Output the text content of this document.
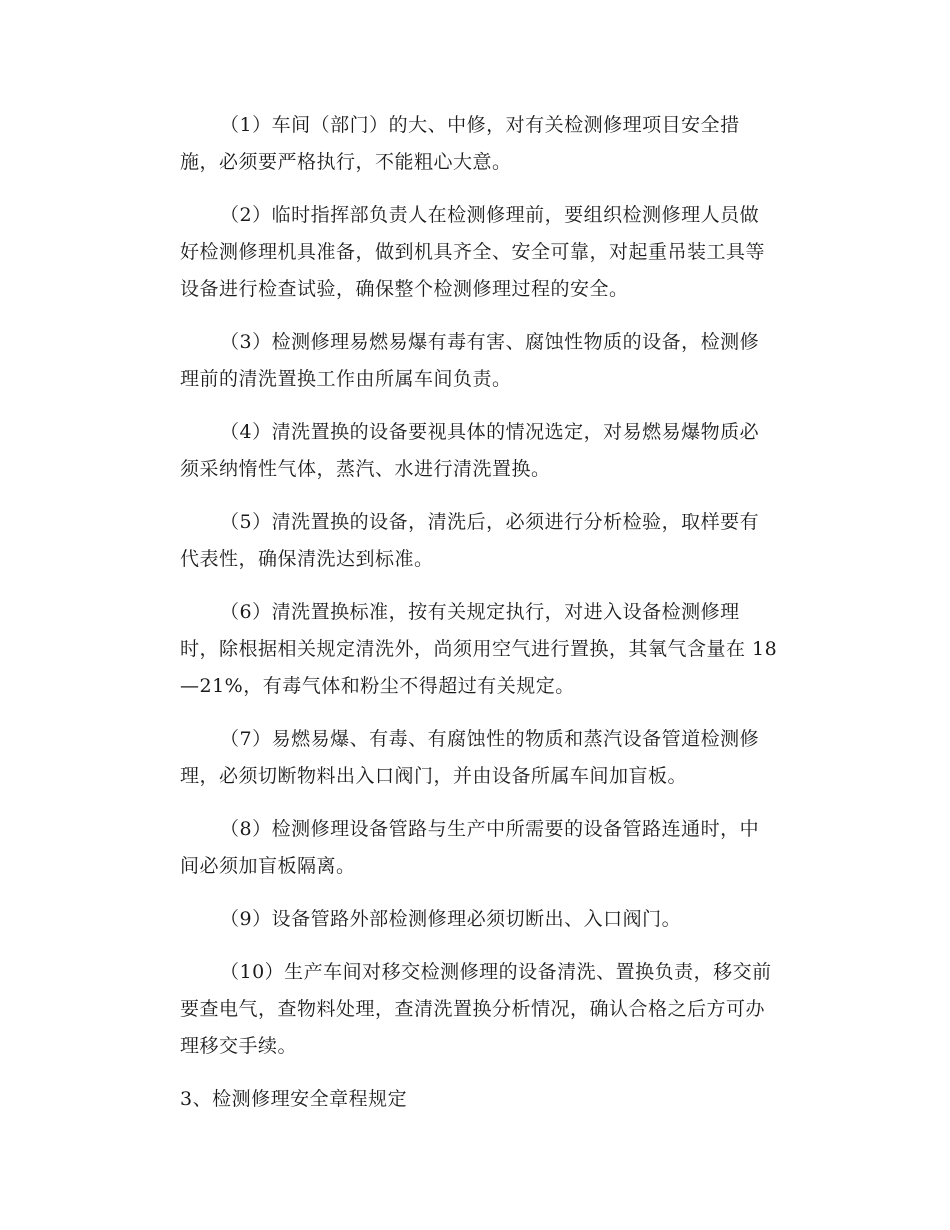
（1）车间（部门）的大、中修，对有关检测修理项目安全措
施，必须要严格执行，不能粗心大意。
（2）临时指挥部负责人在检测修理前，要组织检测修理人员做
好检测修理机具准备，做到机具齐全、安全可靠，对起重吊装工具等
设备进行检查试验，确保整个检测修理过程的安全。
（3）检测修理易燃易爆有毒有害、腐蚀性物质的设备，检测修
理前的清洗置换工作由所属车间负责。
（4）清洗置换的设备要视具体的情况选定，对易燃易爆物质必
须采纳惰性气体，蒸汽、水进行清洗置换。
（5）清洗置换的设备，清洗后，必须进行分析检验，取样要有
代表性，确保清洗达到标准。
（6）清洗置换标准，按有关规定执行，对进入设备检测修理
时，除根据相关规定清洗外，尚须用空气进行置换，其氧气含量在 18
—21%，有毒气体和粉尘不得超过有关规定。
（7）易燃易爆、有毒、有腐蚀性的物质和蒸汽设备管道检测修
理，必须切断物料出入口阀门，并由设备所属车间加盲板。
（8）检测修理设备管路与生产中所需要的设备管路连通时，中
间必须加盲板隔离。
（9）设备管路外部检测修理必须切断出、入口阀门。
（10）生产车间对移交检测修理的设备清洗、置换负责，移交前
要查电气，查物料处理，查清洗置换分析情况，确认合格之后方可办
理移交手续。
3、检测修理安全章程规定
